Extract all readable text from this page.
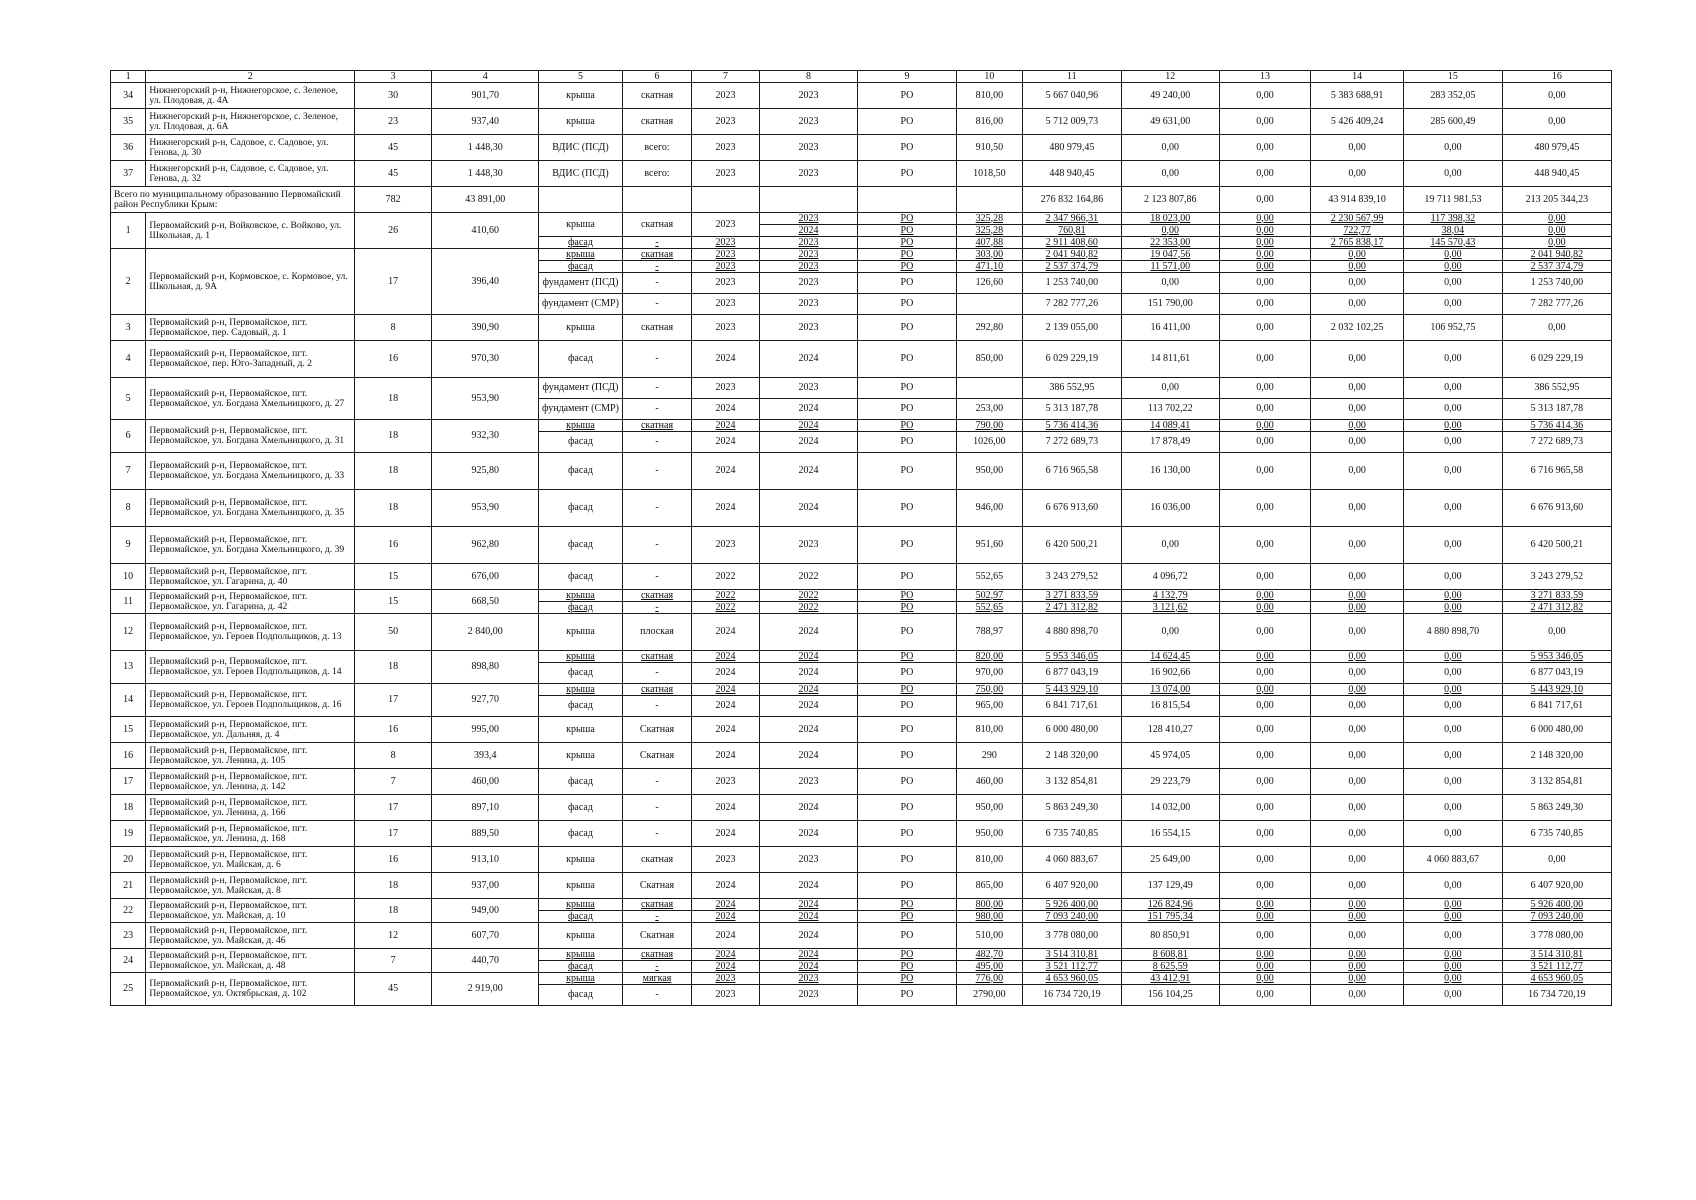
1	2	3	4	5	6	7	8	9	10	11	12	13	14	15	16
34	Нижнегорский р-н, Нижнегорское, с. Зеленое, ул. Плодовая, д. 4А	30	901,70	крыша	скатная	2023	2023	РО	810,00	5 667 040,96	49 240,00	0,00	5 383 688,91	283 352,05	0,00
35	Нижнегорский р-н, Нижнегорское, с. Зеленое, ул. Плодовая, д. 6А	23	937,40	крыша	скатная	2023	2023	РО	816,00	5 712 009,73	49 631,00	0,00	5 426 409,24	285 600,49	0,00
36	Нижнегорский р-н, Садовое, с. Садовое, ул. Генова, д. 30	45	1 448,30	ВДИС (ПСД)	всего:	2023	2023	РО	910,50	480 979,45	0,00	0,00	0,00	0,00	480 979,45
37	Нижнегорский р-н, Садовое, с. Садовое, ул. Генова, д. 32	45	1 448,30	ВДИС (ПСД)	всего:	2023	2023	РО	1018,50	448 940,45	0,00	0,00	0,00	0,00	448 940,45
Всего по муниципальному образованию Первомайский район Республики Крым:		782	43 891,00							276 832 164,86	2 123 807,86	0,00	43 914 839,10	19 711 981,53	213 205 344,23
1	Первомайский р-н, Войковское, с. Войково, ул. Школьная, д. 1	26	410,60	крыша	скатная	2023	2023	РО	325,28	2 347 966,31	18 023,00	0,00	2 230 567,99	117 398,32	0,00
							2024	РО	325,28	760,81	0,00	0,00	722,77	38,04	0,00
				фасад	-	2023	2023	РО	407,88	2 911 408,60	22 353,00	0,00	2 765 838,17	145 570,43	0,00
2	Первомайский р-н, Кормовское, с. Кормовое, ул. Школьная, д. 9А	17	396,40	крыша	скатная	2023	2023	РО	303,00	2 041 940,82	19 047,56	0,00	0,00	0,00	2 041 940,82
				фасад	-	2023	2023	РО	471,10	2 537 374,79	11 571,00	0,00	0,00	0,00	2 537 374,79
				фундамент (ПСД)	-	2023	2023	РО	126,60	1 253 740,00	0,00	0,00	0,00	0,00	1 253 740,00
				фундамент (СМР)	-	2023	2023	РО		7 282 777,26	151 790,00	0,00	0,00	0,00	7 282 777,26
3	Первомайский р-н, Первомайское, пгт. Первомайское, пер. Садовый, д. 1	8	390,90	крыша	скатная	2023	2023	РО	292,80	2 139 055,00	16 411,00	0,00	2 032 102,25	106 952,75	0,00
4	Первомайский р-н, Первомайское, пгт. Первомайское, пер. Юго-Западный, д. 2	16	970,30	фасад	-	2024	2024	РО	850,00	6 029 229,19	14 811,61	0,00	0,00	0,00	6 029 229,19
5	Первомайский р-н, Первомайское, пгт. Первомайское, ул. Богдана Хмельницкого, д. 27	18	953,90	фундамент (ПСД)	-	2023	2023	РО		386 552,95	0,00	0,00	0,00	0,00	386 552,95
				фундамент (СМР)	-	2024	2024	РО	253,00	5 313 187,78	113 702,22	0,00	0,00	0,00	5 313 187,78
6	Первомайский р-н, Первомайское, пгт. Первомайское, ул. Богдана Хмельницкого, д. 31	18	932,30	крыша	скатная	2024	2024	РО	790,00	5 736 414,36	14 089,41	0,00	0,00	0,00	5 736 414,36
				фасад	-	2024	2024	РО	1026,00	7 272 689,73	17 878,49	0,00	0,00	0,00	7 272 689,73
7	Первомайский р-н, Первомайское, пгт. Первомайское, ул. Богдана Хмельницкого, д. 33	18	925,80	фасад	-	2024	2024	РО	950,00	6 716 965,58	16 130,00	0,00	0,00	0,00	6 716 965,58
8	Первомайский р-н, Первомайское, пгт. Первомайское, ул. Богдана Хмельницкого, д. 35	18	953,90	фасад	-	2024	2024	РО	946,00	6 676 913,60	16 036,00	0,00	0,00	0,00	6 676 913,60
9	Первомайский р-н, Первомайское, пгт. Первомайское, ул. Богдана Хмельницкого, д. 39	16	962,80	фасад	-	2023	2023	РО	951,60	6 420 500,21	0,00	0,00	0,00	0,00	6 420 500,21
10	Первомайский р-н, Первомайское, пгт. Первомайское, ул. Гагарина, д. 40	15	676,00	фасад	-	2022	2022	РО	552,65	3 243 279,52	4 096,72	0,00	0,00	0,00	3 243 279,52
11	Первомайский р-н, Первомайское, пгт. Первомайское, ул. Гагарина, д. 42	15	668,50	крыша	скатная	2022	2022	РО	502,97	3 271 833,59	4 132,79	0,00	0,00	0,00	3 271 833,59
				фасад	-	2022	2022	РО	552,65	2 471 312,82	3 121,62	0,00	0,00	0,00	2 471 312,82
12	Первомайский р-н, Первомайское, пгт. Первомайское, ул. Героев Подпольщиков, д. 13	50	2 840,00	крыша	плоская	2024	2024	РО	788,97	4 880 898,70	0,00	0,00	0,00	4 880 898,70	0,00
13	Первомайский р-н, Первомайское, пгт. Первомайское, ул. Героев Подпольщиков, д. 14	18	898,80	крыша	скатная	2024	2024	РО	820,00	5 953 346,05	14 624,45	0,00	0,00	0,00	5 953 346,05
				фасад	-	2024	2024	РО	970,00	6 877 043,19	16 902,66	0,00	0,00	0,00	6 877 043,19
14	Первомайский р-н, Первомайское, пгт. Первомайское, ул. Героев Подпольщиков, д. 16	17	927,70	крыша	скатная	2024	2024	РО	750,00	5 443 929,10	13 074,00	0,00	0,00	0,00	5 443 929,10
				фасад	-	2024	2024	РО	965,00	6 841 717,61	16 815,54	0,00	0,00	0,00	6 841 717,61
15	Первомайский р-н, Первомайское, пгт. Первомайское, ул. Дальняя, д. 4	16	995,00	крыша	Скатная	2024	2024	РО	810,00	6 000 480,00	128 410,27	0,00	0,00	0,00	6 000 480,00
16	Первомайский р-н, Первомайское, пгт. Первомайское, ул. Ленина, д. 105	8	393,4	крыша	Скатная	2024	2024	РО	290	2 148 320,00	45 974,05	0,00	0,00	0,00	2 148 320,00
17	Первомайский р-н, Первомайское, пгт. Первомайское, ул. Ленина, д. 142	7	460,00	фасад	-	2023	2023	РО	460,00	3 132 854,81	29 223,79	0,00	0,00	0,00	3 132 854,81
18	Первомайский р-н, Первомайское, пгт. Первомайское, ул. Ленина, д. 166	17	897,10	фасад	-	2024	2024	РО	950,00	5 863 249,30	14 032,00	0,00	0,00	0,00	5 863 249,30
19	Первомайский р-н, Первомайское, пгт. Первомайское, ул. Ленина, д. 168	17	889,50	фасад	-	2024	2024	РО	950,00	6 735 740,85	16 554,15	0,00	0,00	0,00	6 735 740,85
20	Первомайский р-н, Первомайское, пгт. Первомайское, ул. Майская, д. 6	16	913,10	крыша	скатная	2023	2023	РО	810,00	4 060 883,67	25 649,00	0,00	0,00	4 060 883,67	0,00
21	Первомайский р-н, Первомайское, пгт. Первомайское, ул. Майская, д. 8	18	937,00	крыша	Скатная	2024	2024	РО	865,00	6 407 920,00	137 129,49	0,00	0,00	0,00	6 407 920,00
22	Первомайский р-н, Первомайское, пгт. Первомайское, ул. Майская, д. 10	18	949,00	крыша	скатная	2024	2024	РО	800,00	5 926 400,00	126 824,96	0,00	0,00	0,00	5 926 400,00
				фасад	-	2024	2024	РО	980,00	7 093 240,00	151 795,34	0,00	0,00	0,00	7 093 240,00
23	Первомайский р-н, Первомайское, пгт. Первомайское, ул. Майская, д. 46	12	607,70	крыша	Скатная	2024	2024	РО	510,00	3 778 080,00	80 850,91	0,00	0,00	0,00	3 778 080,00
24	Первомайский р-н, Первомайское, пгт. Первомайское, ул. Майская, д. 48	7	440,70	крыша	скатная	2024	2024	РО	482,70	3 514 310,81	8 608,81	0,00	0,00	0,00	3 514 310,81
				фасад	-	2024	2024	РО	495,00	3 521 112,77	8 625,59	0,00	0,00	0,00	3 521 112,77
25	Первомайский р-н, Первомайское, пгт. Первомайское, ул. Октябрьская, д. 102	45	2 919,00	крыша	мягкая	2023	2023	РО	776,00	4 653 960,05	43 412,91	0,00	0,00	0,00	4 653 960,05
				фасад	-	2023	2023	РО	2790,00	16 734 720,19	156 104,25	0,00	0,00	0,00	16 734 720,19
